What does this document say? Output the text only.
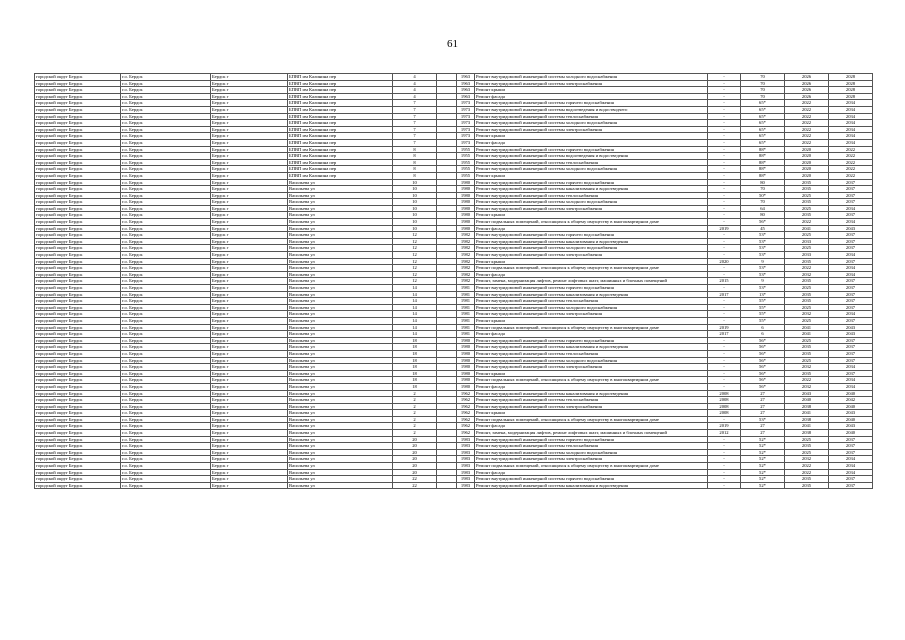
61
городской округ Бердск	г.о. Бердск	Бердск г	БПВП им Калинина пер	4		1963	Ремонт внутридомовой инженерной системы холодного водоснабжения	-	70	2026	2028
городской округ Бердск	г.о. Бердск	Бердск г	БПВП им Калинина пер	4		1963	Ремонт внутридомовой инженерной системы электроснабжения	-	70	2026	2028
городской округ Бердск	г.о. Бердск	Бердск г	БПВП им Калинина пер	4		1963	Ремонт крыши	-	70	2026	2028
городской округ Бердск	г.о. Бердск	Бердск г	БПВП им Калинина пер	4		1963	Ремонт фасада	-	70	2026	2028
городской округ Бердск	г.о. Бердск	Бердск г	БПВП им Калинина пер	7		1973	Ремонт внутридомовой инженерной системы горячего водоснабжения	-	65*	2022	2034
городской округ Бердск	г.о. Бердск	Бердск г	БПВП им Калинина пер	7		1973	Ремонт внутридомовой инженерной системы водоотведения и водостводчего	-	65*	2022	2034
городской округ Бердск	г.о. Бердск	Бердск г	БПВП им Калинина пер	7		1973	Ремонт внутридомовой инженерной системы теплоснабжения	-	65*	2022	2034
городской округ Бердск	г.о. Бердск	Бердск г	БПВП им Калинина пер	7		1973	Ремонт внутридомовой инженерной системы холодного водоснабжения	-	65*	2022	2034
городской округ Бердск	г.о. Бердск	Бердск г	БПВП им Калинина пер	7		1973	Ремонт внутридомовой инженерной системы электроснабжения	-	65*	2022	2034
городской округ Бердск	г.о. Бердск	Бердск г	БПВП им Калинина пер	7		1973	Ремонт крыши	-	65*	2022	2034
городской округ Бердск	г.о. Бердск	Бердск г	БПВП им Калинина пер	7		1973	Ремонт фасада	-	65*	2022	2034
городской округ Бердск	г.о. Бердск	Бердск г	БПВП им Калинина пер	8		1955	Ремонт внутридомовой инженерной системы горячего водоснабжения	-	88*	2020	2022
городской округ Бердск	г.о. Бердск	Бердск г	БПВП им Калинина пер	8		1955	Ремонт внутридомовой инженерной системы водоотведения и водостведения	-	88*	2020	2022
городской округ Бердск	г.о. Бердск	Бердск г	БПВП им Калинина пер	8		1955	Ремонт внутридомовой инженерной системы теплоснабжения	-	88*	2020	2022
городской округ Бердск	г.о. Бердск	Бердск г	БПВП им Калинина пер	8		1955	Ремонт внутридомовой инженерной системы холодного водоснабжения	-	88*	2020	2022
городской округ Бердск	г.о. Бердск	Бердск г	БПВП им Калинина пер	8		1955	Ремонт крыши	-	88*	2020	2022
городской округ Бердск	г.о. Бердск	Бердск г	Васильева ул	10		1980	Ремонт внутридомовой инженерной системы горячего водоснабжения	-	80	2035	2037
городской округ Бердск	г.о. Бердск	Бердск г	Васильева ул	10		1980	Ремонт внутридомовой инженерной системы канализования и водоотведения	-	70	2035	2037
городской округ Бердск	г.о. Бердск	Бердск г	Васильева ул	10		1980	Ремонт внутридомовой инженерной системы теплоснабжения	-	50*	2025	2037
городской округ Бердск	г.о. Бердск	Бердск г	Васильева ул	10		1980	Ремонт внутридомовой инженерной системы холодного водоснабжения	-	70	2035	2037
городской округ Бердск	г.о. Бердск	Бердск г	Васильева ул	10		1980	Ремонт внутридомовой инженерной системы электроснабжения	-	64	2025	2034
городской округ Бердск	г.о. Бердск	Бердск г	Васильева ул	10		1980	Ремонт крыши	-	80	2035	2037
городской округ Бердск	г.о. Бердск	Бердск г	Васильева ул	10		1980	Ремонт подвальных помещений, относящихся к общему имуществу в многоквартирном доме	-	56*	2022	2034
городской округ Бердск	г.о. Бердск	Бердск г	Васильева ул	10		1980	Ремонт фасада	2019	45	2041	2043
городской округ Бердск	г.о. Бердск	Бердск г	Васильева ул	12		1982	Ремонт внутридомовой инженерной системы горячего водоснабжения	-	53*	2025	2037
городской округ Бердск	г.о. Бердск	Бердск г	Васильева ул	12		1982	Ремонт внутридомовой инженерной системы канализования и водоотведения	-	53*	2033	2037
городской округ Бердск	г.о. Бердск	Бердск г	Васильева ул	12		1982	Ремонт внутридомовой инженерной системы холодного водоснабжения	-	53*	2025	2037
городской округ Бердск	г.о. Бердск	Бердск г	Васильева ул	12		1982	Ремонт внутридомовой инженерной системы электроснабжения	-	53*	2033	2034
городской округ Бердск	г.о. Бердск	Бердск г	Васильева ул	12		1982	Ремонт крыши	2020	9	2035	2037
городской округ Бердск	г.о. Бердск	Бердск г	Васильева ул	12		1982	Ремонт подвальных помещений, относящихся к общему имуществу в многоквартирном доме	-	53*	2022	2034
городской округ Бердск	г.о. Бердск	Бердск г	Васильева ул	12		1982	Ремонт фасада	-	53*	2032	2034
городской округ Бердск	г.о. Бердск	Бердск г	Васильева ул	12		1982	Ремонт, замена, модернизация лифтов, ремонт лифтовых шахт, машинных и блочных помещений	2015	9	2035	2037
городской округ Бердск	г.о. Бердск	Бердск г	Васильева ул	14		1981	Ремонт внутридомовой инженерной системы горячего водоснабжения	-	53*	2025	2037
городской округ Бердск	г.о. Бердск	Бердск г	Васильева ул	14		1981	Ремонт внутридомовой инженерной системы канализования и водоотведения	2017	13*	2035	2037
городской округ Бердск	г.о. Бердск	Бердск г	Васильева ул	14		1981	Ремонт внутридомовой инженерной системы теплоснабжения	-	55*	2035	2037
городской округ Бердск	г.о. Бердск	Бердск г	Васильева ул	14		1981	Ремонт внутридомовой инженерной системы холодного водоснабжения	-	55*	2025	2037
городской округ Бердск	г.о. Бердск	Бердск г	Васильева ул	14		1981	Ремонт внутридомовой инженерной системы электроснабжения	-	55*	2032	2034
городской округ Бердск	г.о. Бердск	Бердск г	Васильева ул	14		1981	Ремонт крыши	-	55*	2025	2037
городской округ Бердск	г.о. Бердск	Бердск г	Васильева ул	14		1981	Ремонт подвальных помещений, относящихся к общему имуществу в многоквартирном доме	2019	6	2041	2043
городской округ Бердск	г.о. Бердск	Бердск г	Васильева ул	14		1981	Ремонт фасада	2017	6	2041	2043
городской округ Бердск	г.о. Бердск	Бердск г	Васильева ул	18		1980	Ремонт внутридомовой инженерной системы горячего водоснабжения	-	56*	2025	2037
городской округ Бердск	г.о. Бердск	Бердск г	Васильева ул	18		1980	Ремонт внутридомовой инженерной системы канализования и водоотведения	-	56*	2035	2037
городской округ Бердск	г.о. Бердск	Бердск г	Васильева ул	18		1980	Ремонт внутридомовой инженерной системы теплоснабжения	-	56*	2035	2037
городской округ Бердск	г.о. Бердск	Бердск г	Васильева ул	18		1980	Ремонт внутридомовой инженерной системы холодного водоснабжения	-	56*	2025	2037
городской округ Бердск	г.о. Бердск	Бердск г	Васильева ул	18		1980	Ремонт внутридомовой инженерной системы электроснабжения	-	56*	2032	2034
городской округ Бердск	г.о. Бердск	Бердск г	Васильева ул	18		1980	Ремонт крыши	-	56*	2035	2037
городской округ Бердск	г.о. Бердск	Бердск г	Васильева ул	18		1980	Ремонт подвальных помещений, относящихся к общему имуществу в многоквартирном доме	-	56*	2022	2034
городской округ Бердск	г.о. Бердск	Бердск г	Васильева ул	18		1980	Ремонт фасада	-	56*	2032	2034
городской округ Бердск	г.о. Бердск	Бердск г	Васильева ул	2		1962	Ремонт внутридомовой инженерной системы канализования и водоотведения	2008	27	2043	2040
городской округ Бердск	г.о. Бердск	Бердск г	Васильева ул	2		1962	Ремонт внутридомовой инженерной системы теплоснабжения	2008	27	2040	2042
городской округ Бердск	г.о. Бердск	Бердск г	Васильева ул	2		1962	Ремонт внутридомовой инженерной системы электроснабжения	2008	27	2038	2040
городской округ Бердск	г.о. Бердск	Бердск г	Васильева ул	2		1962	Ремонт крыши	2008	27	2041	2043
городской округ Бердск	г.о. Бердск	Бердск г	Васильева ул	2		1962	Ремонт подвальных помещений, относящихся к общему имуществу в многоквартирном доме	-	53*	2038	2040
городской округ Бердск	г.о. Бердск	Бердск г	Васильева ул	2		1962	Ремонт фасада	2019	27	2041	2043
городской округ Бердск	г.о. Бердск	Бердск г	Васильева ул	2		1962	Ремонт, замена, модернизация лифтов, ремонт лифтовых шахт, машинных и блочных помещений	2012	27	2038	2040
городской округ Бердск	г.о. Бердск	Бердск г	Васильева ул	20		1983	Ремонт внутридомовой инженерной системы горячего водоснабжения	-	52*	2025	2037
городской округ Бердск	г.о. Бердск	Бердск г	Васильева ул	20		1983	Ремонт внутридомовой инженерной системы теплоснабжения	-	52*	2035	2037
городской округ Бердск	г.о. Бердск	Бердск г	Васильева ул	20		1983	Ремонт внутридомовой инженерной системы холодного водоснабжения	-	52*	2025	2037
городской округ Бердск	г.о. Бердск	Бердск г	Васильева ул	20		1983	Ремонт внутридомовой инженерной системы электроснабжения	-	52*	2032	2034
городской округ Бердск	г.о. Бердск	Бердск г	Васильева ул	20		1983	Ремонт подвальных помещений, относящихся к общему имуществу в многоквартирном доме	-	52*	2022	2034
городской округ Бердск	г.о. Бердск	Бердск г	Васильева ул	20		1983	Ремонт фасада	-	52*	2022	2034
городской округ Бердск	г.о. Бердск	Бердск г	Васильева ул	22		1983	Ремонт внутридомовой инженерной системы горячего водоснабжения	-	52*	2035	2037
городской округ Бердск	г.о. Бердск	Бердск г	Васильева ул	22		1983	Ремонт внутридомовой инженерной системы канализования и водоотведения	-	52*	2035	2037
